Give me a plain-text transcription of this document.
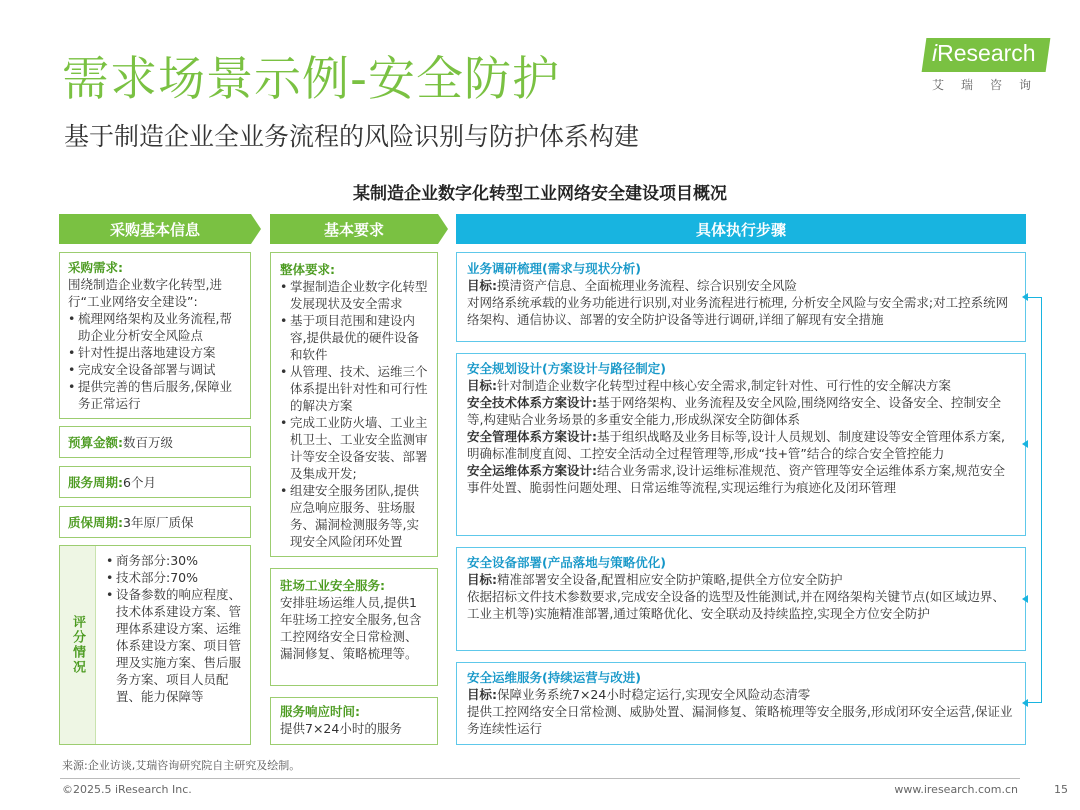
需求场景示例-安全防护
基于制造企业全业务流程的风险识别与防护体系构建
iResearch
艾瑞咨询
某制造企业数字化转型工业网络安全建设项目概况
采购基本信息	基本要求	具体执行步骤
采购需求:
围绕制造企业数字化转型,进行“工业网络安全建设”:
• 梳理网络架构及业务流程,帮助企业分析安全风险点
• 针对性提出落地建设方案
• 完成安全设备部署与调试
• 提供完善的售后服务,保障业务正常运行
预算金额: 数百万级
服务周期: 6个月
质保周期: 3年原厂质保
评分情况
• 商务部分:30%
• 技术部分:70%
• 设备参数的响应程度、技术体系建设方案、管理体系建设方案、运维体系建设方案、项目管理及实施方案、售后服务方案、项目人员配置、能力保障等
整体要求:
• 掌握制造企业数字化转型发展现状及安全需求
• 基于项目范围和建设内容,提供最优的硬件设备和软件
• 从管理、技术、运维三个体系提出针对性和可行性的解决方案
• 完成工业防火墙、工业主机卫士、工业安全监测审计等安全设备安装、部署及集成开发;
• 组建安全服务团队,提供应急响应服务、驻场服务、漏洞检测服务等,实现安全风险闭环处置
驻场工业安全服务:
安排驻场运维人员,提供1年驻场工控安全服务,包含工控网络安全日常检测、漏洞修复、策略梳理等。
服务响应时间:
提供7×24小时的服务
业务调研梳理(需求与现状分析)
目标:摸清资产信息、全面梳理业务流程、综合识别安全风险
对网络系统承载的业务功能进行识别,对业务流程进行梳理, 分析安全风险与安全需求;对工控系统网络架构、通信协议、部署的安全防护设备等进行调研,详细了解现有安全措施
安全规划设计(方案设计与路径制定)
目标:针对制造企业数字化转型过程中核心安全需求,制定针对性、可行性的安全解决方案
安全技术体系方案设计:基于网络架构、业务流程及安全风险,围绕网络安全、设备安全、控制安全等,构建贴合业务场景的多重安全能力,形成纵深安全防御体系
安全管理体系方案设计:基于组织战略及业务目标等,设计人员规划、制度建设等安全管理体系方案,明确标准制度直阅、工控安全活动全过程管理等,形成“技+管”结合的综合安全管控能力
安全运维体系方案设计:结合业务需求,设计运维标准规范、资产管理等安全运维体系方案,规范安全事件处置、脆弱性问题处理、日常运维等流程,实现运维行为痕迹化及闭环管理
安全设备部署(产品落地与策略优化)
目标:精准部署安全设备,配置相应安全防护策略,提供全方位安全防护
依据招标文件技术参数要求,完成安全设备的选型及性能测试,并在网络架构关键节点(如区域边界、工业主机等)实施精准部署,通过策略优化、安全联动及持续监控,实现全方位安全防护
安全运维服务(持续运营与改进)
目标:保障业务系统7×24小时稳定运行,实现安全风险动态清零
提供工控网络安全日常检测、威胁处置、漏洞修复、策略梳理等安全服务,形成闭环安全运营,保证业务连续性运行
来源:企业访谈,艾瑞咨询研究院自主研究及绘制。
©2025.5 iResearch Inc.	www.iresearch.com.cn	15
